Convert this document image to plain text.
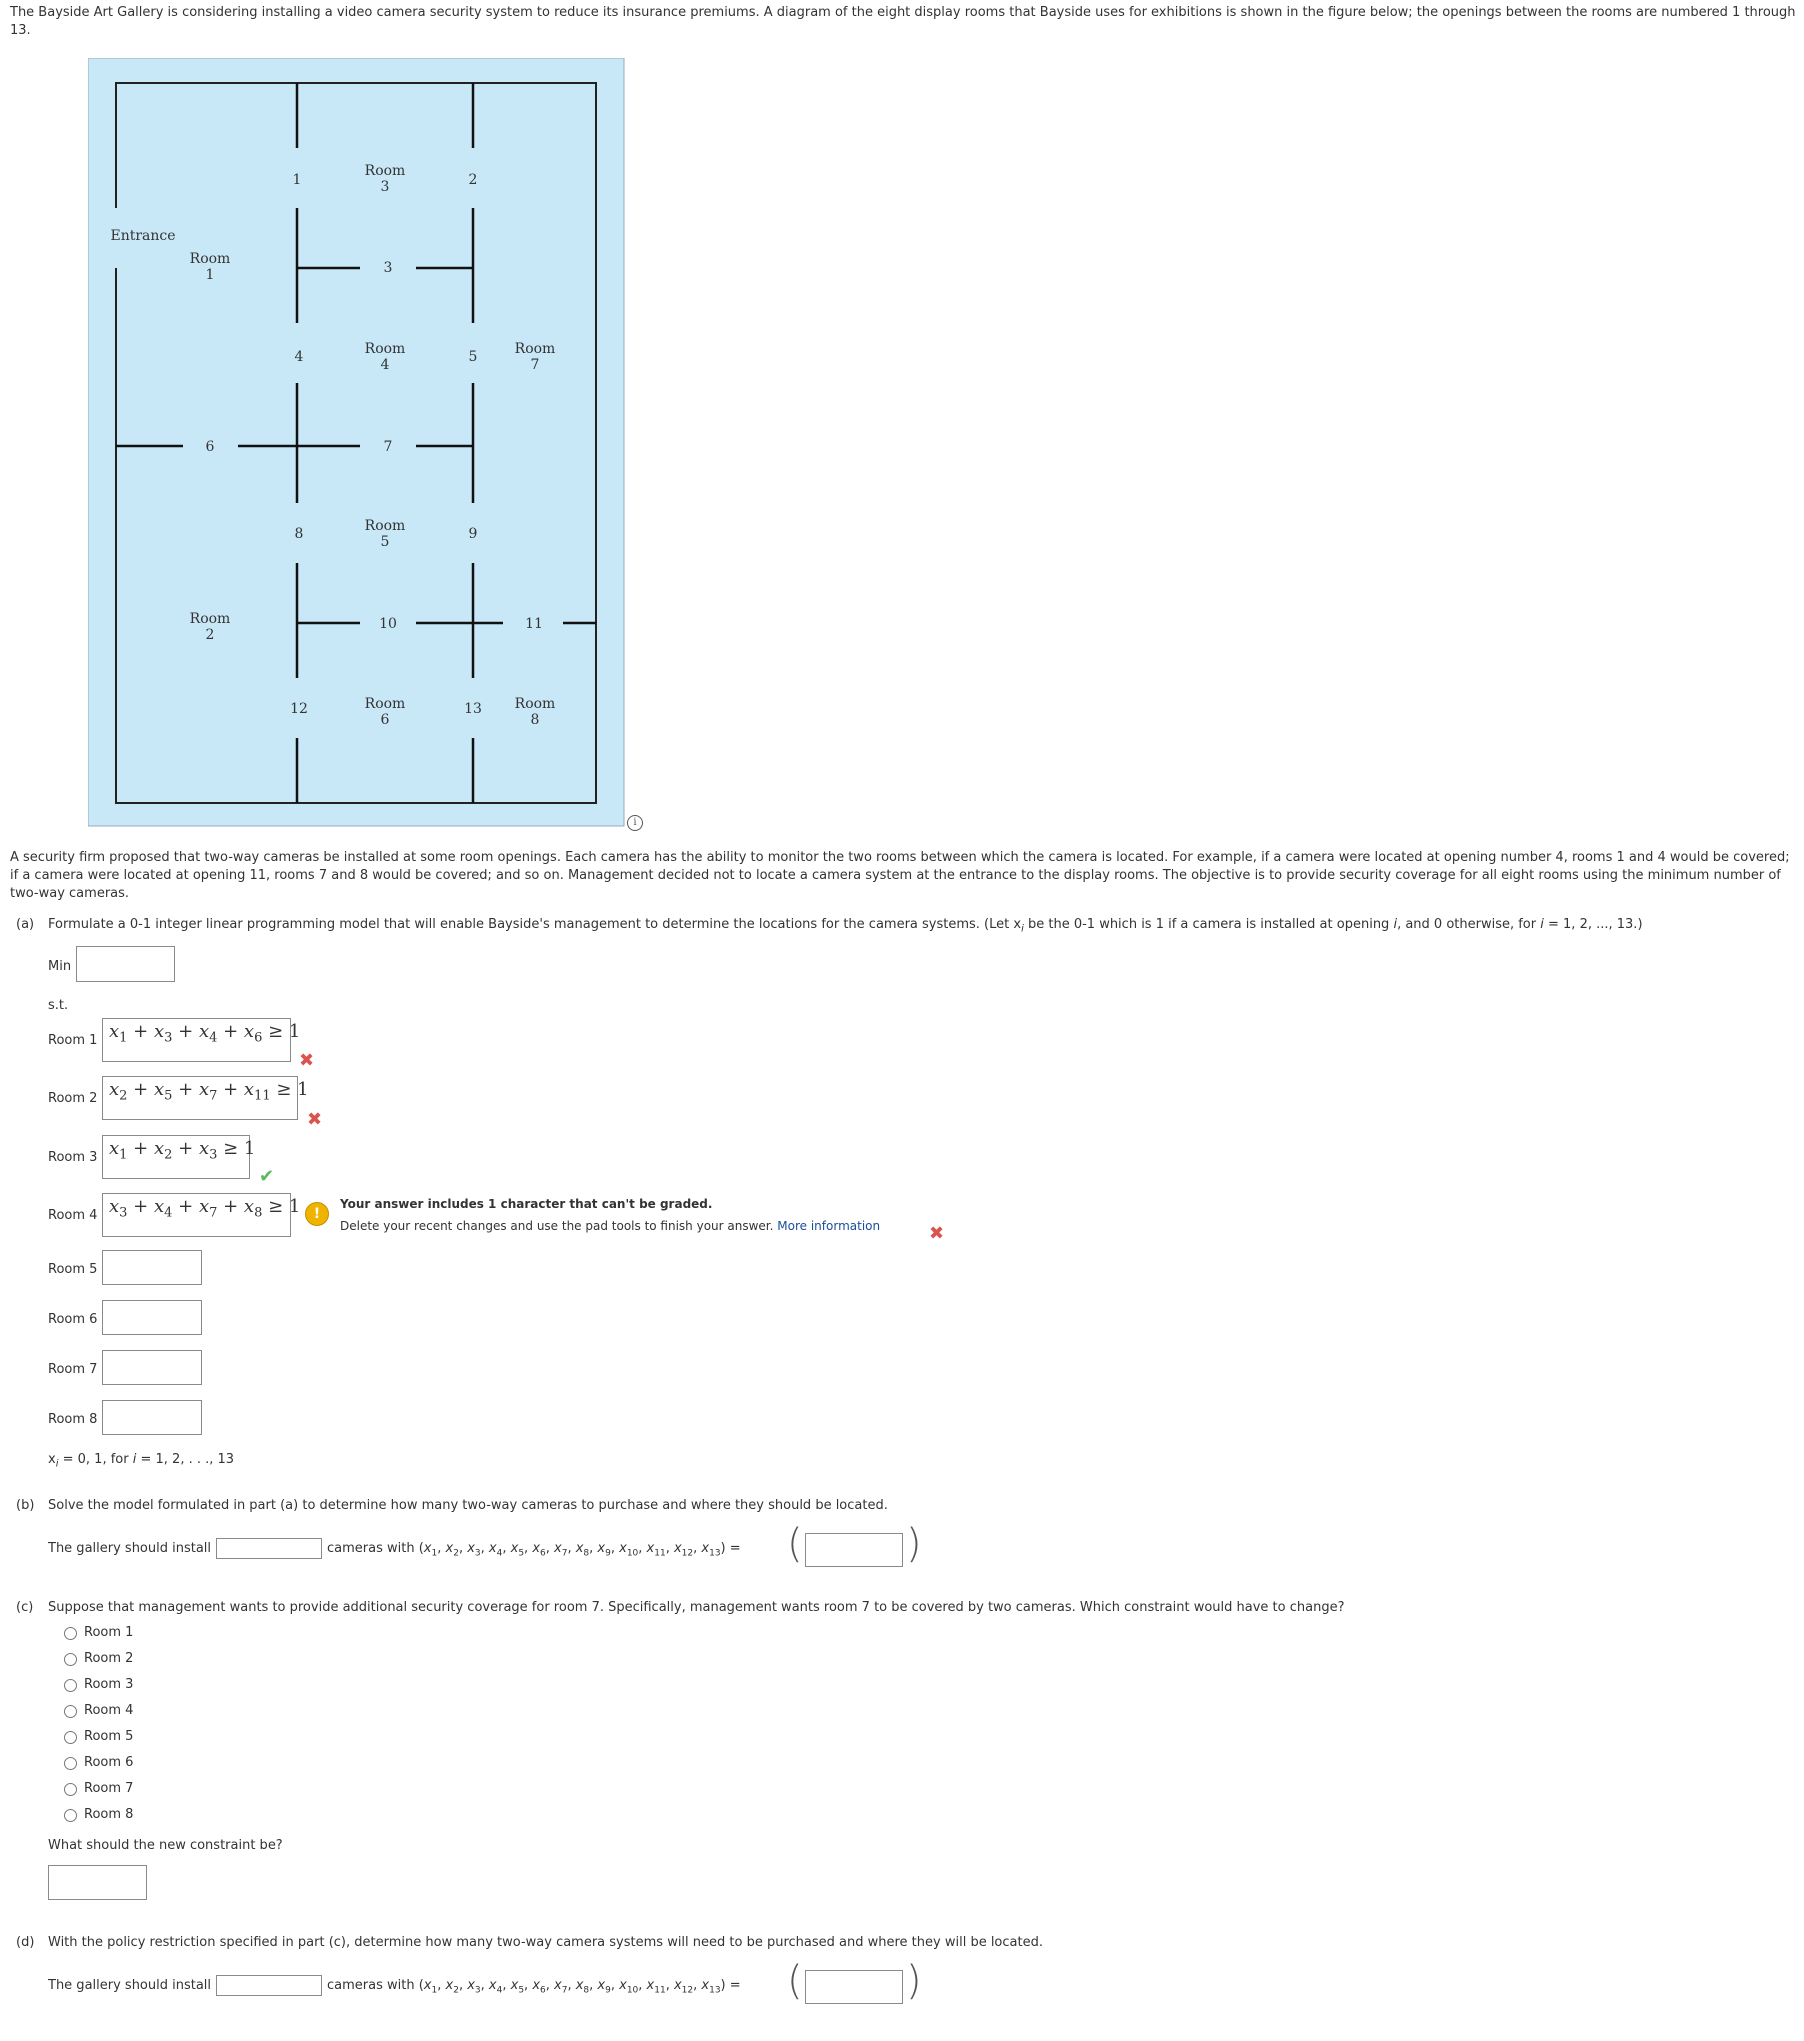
The Bayside Art Gallery is considering installing a video camera security system to reduce its insurance premiums. A diagram of the eight display rooms that Bayside uses for exhibitions is shown in the figure below; the openings between the rooms are numbered 1 through 13.
Entrance
Room
1
Room
2
Room
3
Room
4
Room
5
Room
6
Room
7
Room
8
1	2
3
4	5
6	7
8	9
10	11
12	13
i
A security firm proposed that two-way cameras be installed at some room openings. Each camera has the ability to monitor the two rooms between which the camera is located. For example, if a camera were located at opening number 4, rooms 1 and 4 would be covered; if a camera were located at opening 11, rooms 7 and 8 would be covered; and so on. Management decided not to locate a camera system at the entrance to the display rooms. The objective is to provide security coverage for all eight rooms using the minimum number of two-way cameras.
(a) Formulate a 0-1 integer linear programming model that will enable Bayside's management to determine the locations for the camera systems. (Let $x_i$ be the 0-1 which is 1 if a camera is installed at opening i, and 0 otherwise, for i = 1, 2, ..., 13.)
Min
s.t.
Room 1 $x_1 + x_3 + x_4 + x_6 \ge 1$
✖
Room 2 $x_2 + x_5 + x_7 + x_{11} \ge 1$
✖
Room 3 $x_1 + x_2 + x_3 \ge 1$
✔
Room 4 $x_3 + x_4 + x_7 + x_8 \ge 1$ !
Your answer includes 1 character that can't be graded.
Delete your recent changes and use the pad tools to finish your answer. More information	✖
Room 5
Room 6
Room 7
Room 8
$x_i = 0$, 1, for i = 1, 2, . . ., 13
(b) Solve the model formulated in part (a) to determine how many two-way cameras to purchase and where they should be located.
The gallery should install	cameras with ($x_1$, $x_2$, $x_3$, $x_4$, $x_5$, $x_6$, $x_7$, $x_8$, $x_9$, $x_{10}$, $x_{11}$, $x_{12}$, $x_{13}$) = (	)
(c) Suppose that management wants to provide additional security coverage for room 7. Specifically, management wants room 7 to be covered by two cameras. Which constraint would have to change?
Room 1
Room 2
Room 3
Room 4
Room 5
Room 6
Room 7
Room 8
What should the new constraint be?
(d) With the policy restriction specified in part (c), determine how many two-way camera systems will need to be purchased and where they will be located.
The gallery should install	cameras with ($x_1$, $x_2$, $x_3$, $x_4$, $x_5$, $x_6$, $x_7$, $x_8$, $x_9$, $x_{10}$, $x_{11}$, $x_{12}$, $x_{13}$) = (	)
